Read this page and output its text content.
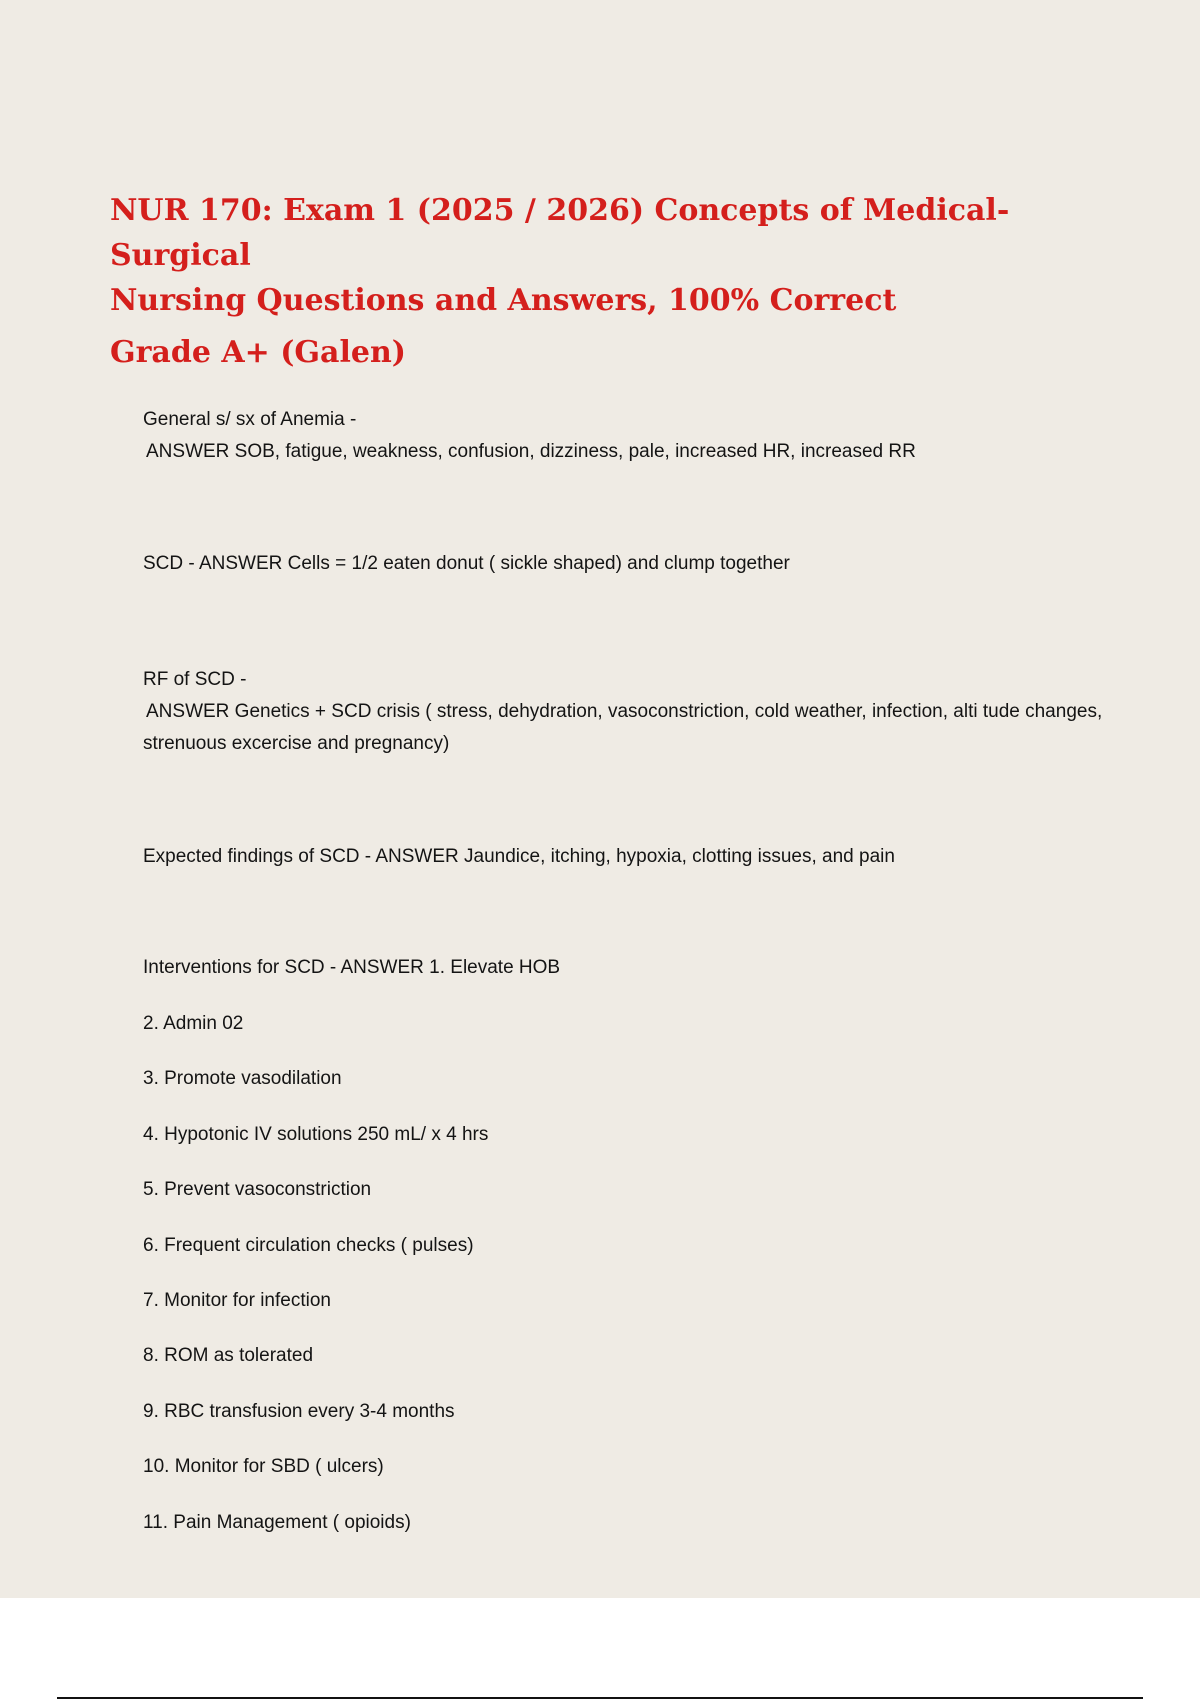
NUR 170: Exam 1 (2025 / 2026) Concepts of Medical-Surgical
Nursing Questions and Answers, 100% Correct
Grade A+ (Galen)
General s/ sx of Anemia -
ANSWER SOB, fatigue, weakness, confusion, dizziness, pale, increased HR, increased RR
SCD - ANSWER Cells = 1/2 eaten donut ( sickle shaped) and clump together
RF of SCD -
ANSWER Genetics + SCD crisis ( stress, dehydration, vasoconstriction, cold weather, infection, alti tude changes, strenuous excercise and pregnancy)
Expected findings of SCD - ANSWER Jaundice, itching, hypoxia, clotting issues, and pain

Interventions for SCD - ANSWER 1. Elevate HOB

2. Admin 02
3. Promote vasodilation
4. Hypotonic IV solutions 250 mL/ x 4 hrs
5. Prevent vasoconstriction
6. Frequent circulation checks ( pulses)
7. Monitor for infection
8. ROM as tolerated
9. RBC transfusion every 3-4 months
10. Monitor for SBD ( ulcers)
11. Pain Management ( opioids)
